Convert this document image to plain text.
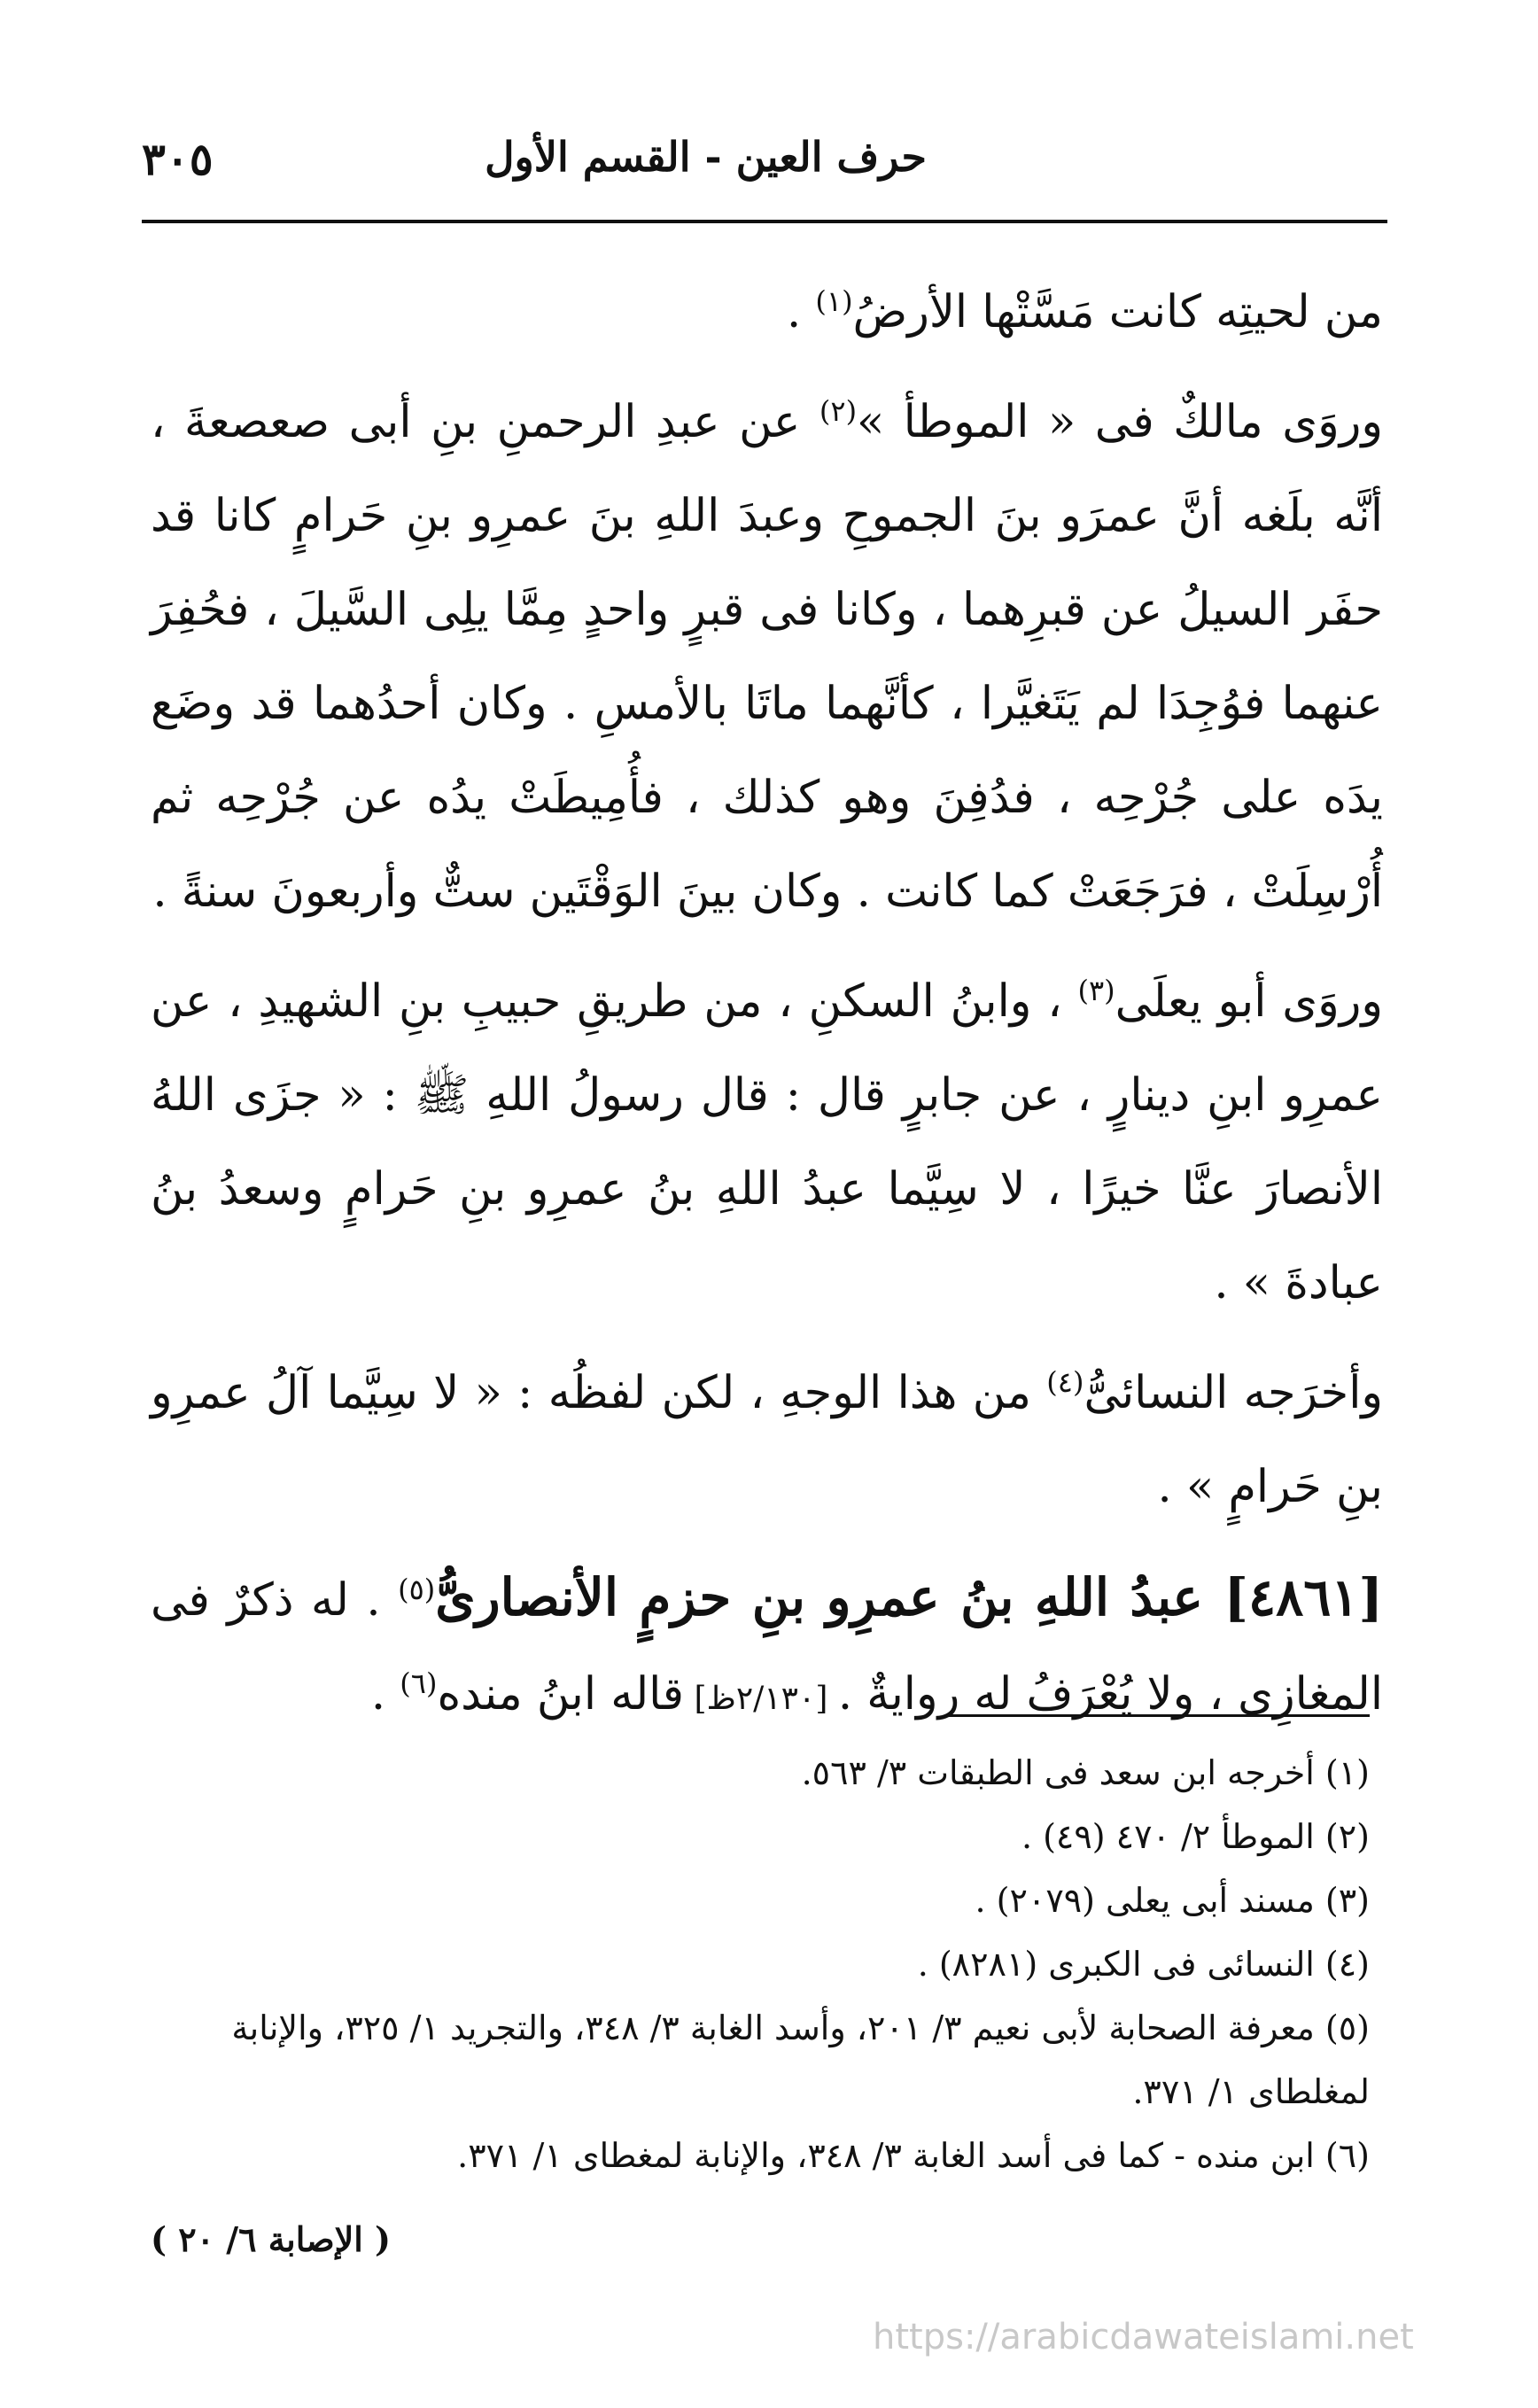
حرف العين - القسم الأول
٣٠٥

من لحيتِه كانت مَسَّتْها الأرضُ$^{(١)}$ .

وروَى مالكٌ فى « الموطأ »$^{(٢)}$ عن عبدِ الرحمنِ بنِ أبى صعصعةَ ، أنَّه بلَغه أنَّ عمرَو بنَ الجموحِ وعبدَ اللهِ بنَ عمرِو بنِ حَرامٍ كانا قد حفَر السيلُ عن قبرِهما ، وكانا فى قبرٍ واحدٍ مِمَّا يلِى السَّيلَ ، فحُفِرَ عنهما فوُجِدَا لم يَتَغيَّرا ، كأنَّهما ماتَا بالأمسِ . وكان أحدُهما قد وضَع يدَه على جُرْحِه ، فدُفِنَ وهو كذلك ، فأُمِيطَتْ يدُه عن جُرْحِه ثم أُرْسِلَتْ ، فرَجَعَتْ كما كانت . وكان بينَ الوَقْتَين ستٌّ وأربعونَ سنةً .

وروَى أبو يعلَى$^{(٣)}$ ، وابنُ السكنِ ، من طريقِ حبيبِ بنِ الشهيدِ ، عن عمرِو ابنِ دينارٍ ، عن جابرٍ قال : قال رسولُ اللهِ ﷺ : « جزَى اللهُ الأنصارَ عنَّا خيرًا ، لا سِيَّما عبدُ اللهِ بنُ عمرِو بنِ حَرامٍ وسعدُ بنُ عبادةَ » .

وأخرَجه النسائىُّ$^{(٤)}$ من هذا الوجهِ ، لكن لفظُه : « لا سِيَّما آلُ عمرِو بنِ حَرامٍ » .

[٤٨٦١] عبدُ اللهِ بنُ عمرِو بنِ حزمٍ الأنصارىُّ$^{(٥)}$ . له ذكرٌ فى المغازِى ، ولا يُعْرَفُ له روايةٌ . [٢/١٣٠ظ] قاله ابنُ منده$^{(٦)}$ .

(١) أخرجه ابن سعد فى الطبقات ٣/ ٥٦٣.

(٢) الموطأ ٢/ ٤٧٠ (٤٩) .

(٣) مسند أبى يعلى (٢٠٧٩) .

(٤) النسائى فى الكبرى (٨٢٨١) .

(٥) معرفة الصحابة لأبى نعيم ٣/ ٢٠١، وأسد الغابة ٣/ ٣٤٨، والتجريد ١/ ٣٢٥، والإنابة لمغلطاى ١/ ٣٧١.

(٦) ابن منده - كما فى أسد الغابة ٣/ ٣٤٨، والإنابة لمغطاى ١/ ٣٧١.

( الإصابة ٦/ ٢٠ )
https://arabicdawateislami.net
